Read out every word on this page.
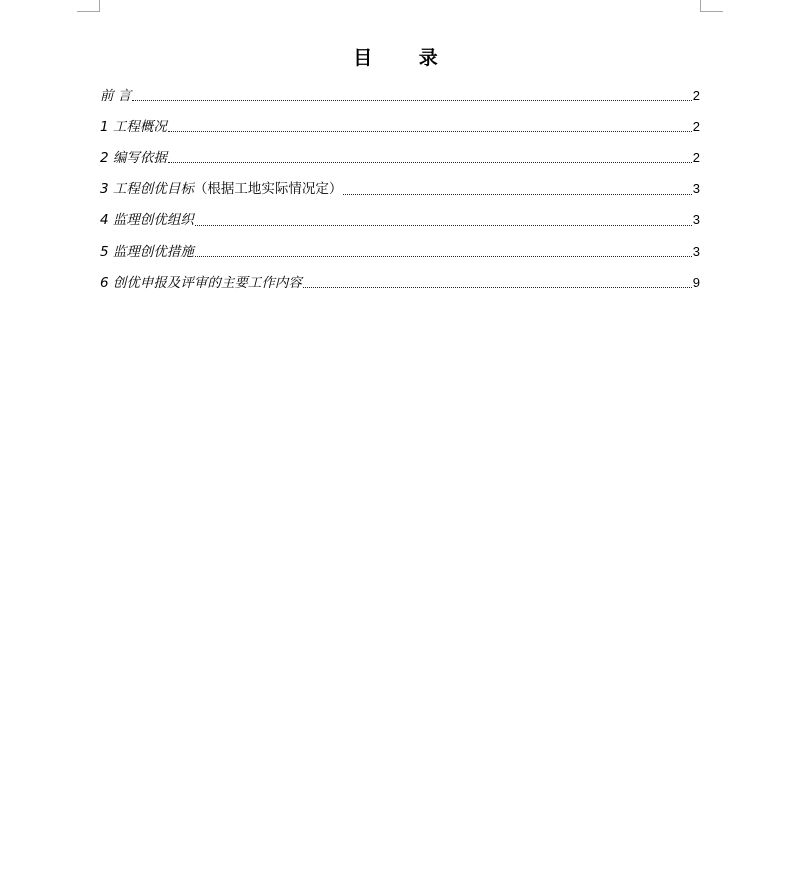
目 录
前 言	2
1 工程概况	2
2 编写依据	2
3 工程创优目标（根据工地实际情况定）	3
4 监理创优组织	3
5 监理创优措施	3
6 创优申报及评审的主要工作内容	9
